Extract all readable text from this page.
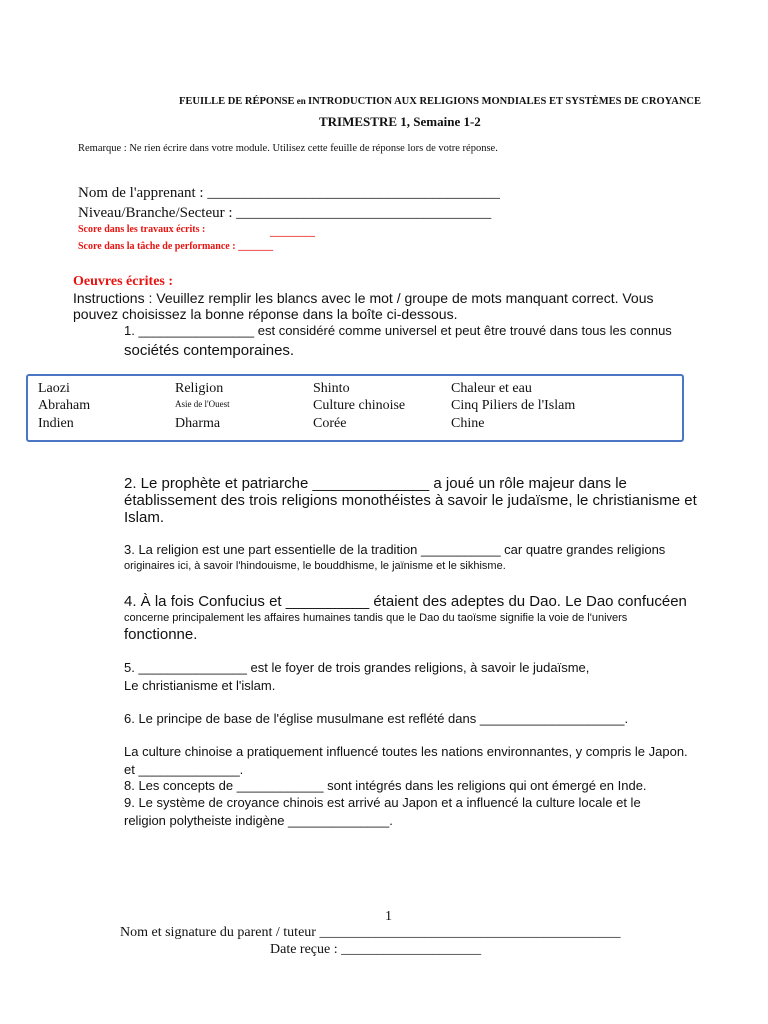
FEUILLE DE RÉPONSE en INTRODUCTION AUX RELIGIONS MONDIALES ET SYSTÈMES DE CROYANCE
TRIMESTRE 1, Semaine 1-2
Remarque : Ne rien écrire dans votre module. Utilisez cette feuille de réponse lors de votre réponse.
Nom de l'apprenant : _______________________________________
Niveau/Branche/Secteur : __________________________________
Score dans les travaux écrits :	_________
Score dans la tâche de performance : _______
Oeuvres écrites :
Instructions : Veuillez remplir les blancs avec le mot / groupe de mots manquant correct. Vous pouvez choisissez la bonne réponse dans la boîte ci-dessous.
1. ________________ est considéré comme universel et peut être trouvé dans tous les connus
sociétés contemporaines.
Laozi	Religion	Shinto	Chaleur et eau
Abraham	Asie de l'Ouest	Culture chinoise	Cinq Piliers de l'Islam
Indien	Dharma	Corée	Chine
2. Le prophète et patriarche ______________ a joué un rôle majeur dans le
établissement des trois religions monothéistes à savoir le judaïsme, le christianisme et
Islam.
3. La religion est une part essentielle de la tradition ___________ car quatre grandes religions
originaires ici, à savoir l'hindouisme, le bouddhisme, le jaïnisme et le sikhisme.
4. À la fois Confucius et __________ étaient des adeptes du Dao. Le Dao confucéen
concerne principalement les affaires humaines tandis que le Dao du taoïsme signifie la voie de l'univers
fonctionne.
5. _______________ est le foyer de trois grandes religions, à savoir le judaïsme,
Le christianisme et l'islam.
6. Le principe de base de l'église musulmane est reflété dans ____________________.
La culture chinoise a pratiquement influencé toutes les nations environnantes, y compris le Japon.
et ______________.
8. Les concepts de ____________ sont intégrés dans les religions qui ont émergé en Inde.
9. Le système de croyance chinois est arrivé au Japon et a influencé la culture locale et le
religion polytheiste indigène ______________.
1
Nom et signature du parent / tuteur ___________________________________________
Date reçue : ____________________
